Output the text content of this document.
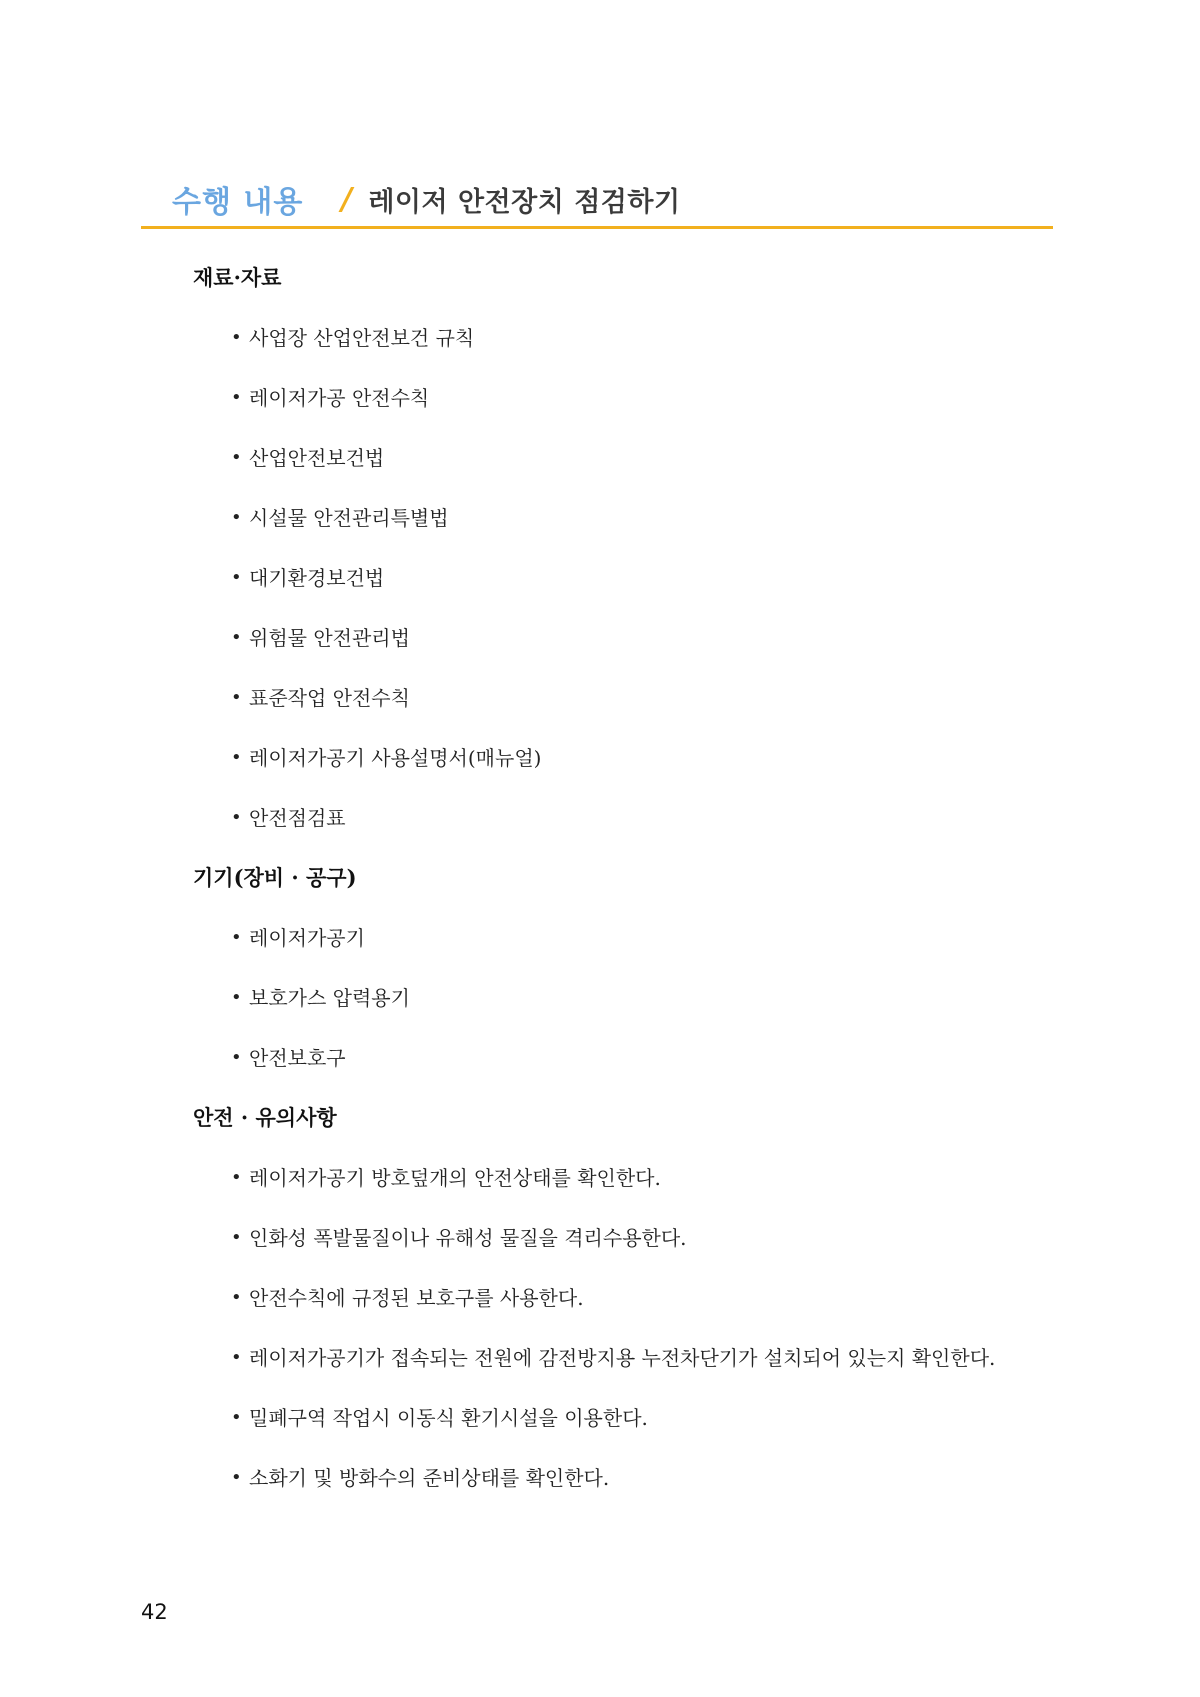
수행 내용 / 레이저 안전장치 점검하기
재료·자료
• 사업장 산업안전보건 규칙
• 레이저가공 안전수칙
• 산업안전보건법
• 시설물 안전관리특별법
• 대기환경보건법
• 위험물 안전관리법
• 표준작업 안전수칙
• 레이저가공기 사용설명서(매뉴얼)
• 안전점검표
기기(장비 · 공구)
• 레이저가공기
• 보호가스 압력용기
• 안전보호구
안전 · 유의사항
• 레이저가공기 방호덮개의 안전상태를 확인한다.
• 인화성 폭발물질이나 유해성 물질을 격리수용한다.
• 안전수칙에 규정된 보호구를 사용한다.
• 레이저가공기가 접속되는 전원에 감전방지용 누전차단기가 설치되어 있는지 확인한다.
• 밀폐구역 작업시 이동식 환기시설을 이용한다.
• 소화기 및 방화수의 준비상태를 확인한다.
42
